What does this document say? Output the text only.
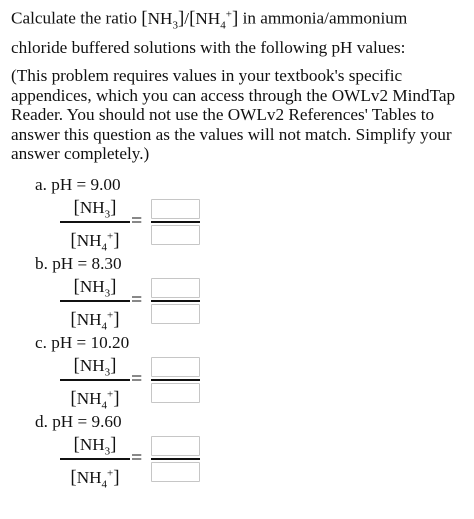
Calculate the ratio $[NH_3]/[NH_4^+]$ in ammonia/ammonium
chloride buffered solutions with the following pH values:
(This problem requires values in your textbook's specific appendices, which you can access through the OWLv2 MindTap Reader. You should not use the OWLv2 References' Tables to answer this question as the values will not match. Simplify your answer completely.)
a. pH = 9.00
$[NH_3]$
$[NH_4^+]$
=
b. pH = 8.30
$[NH_3]$
$[NH_4^+]$
=
c. pH = 10.20
$[NH_3]$
$[NH_4^+]$
=
d. pH = 9.60
$[NH_3]$
$[NH_4^+]$
=
